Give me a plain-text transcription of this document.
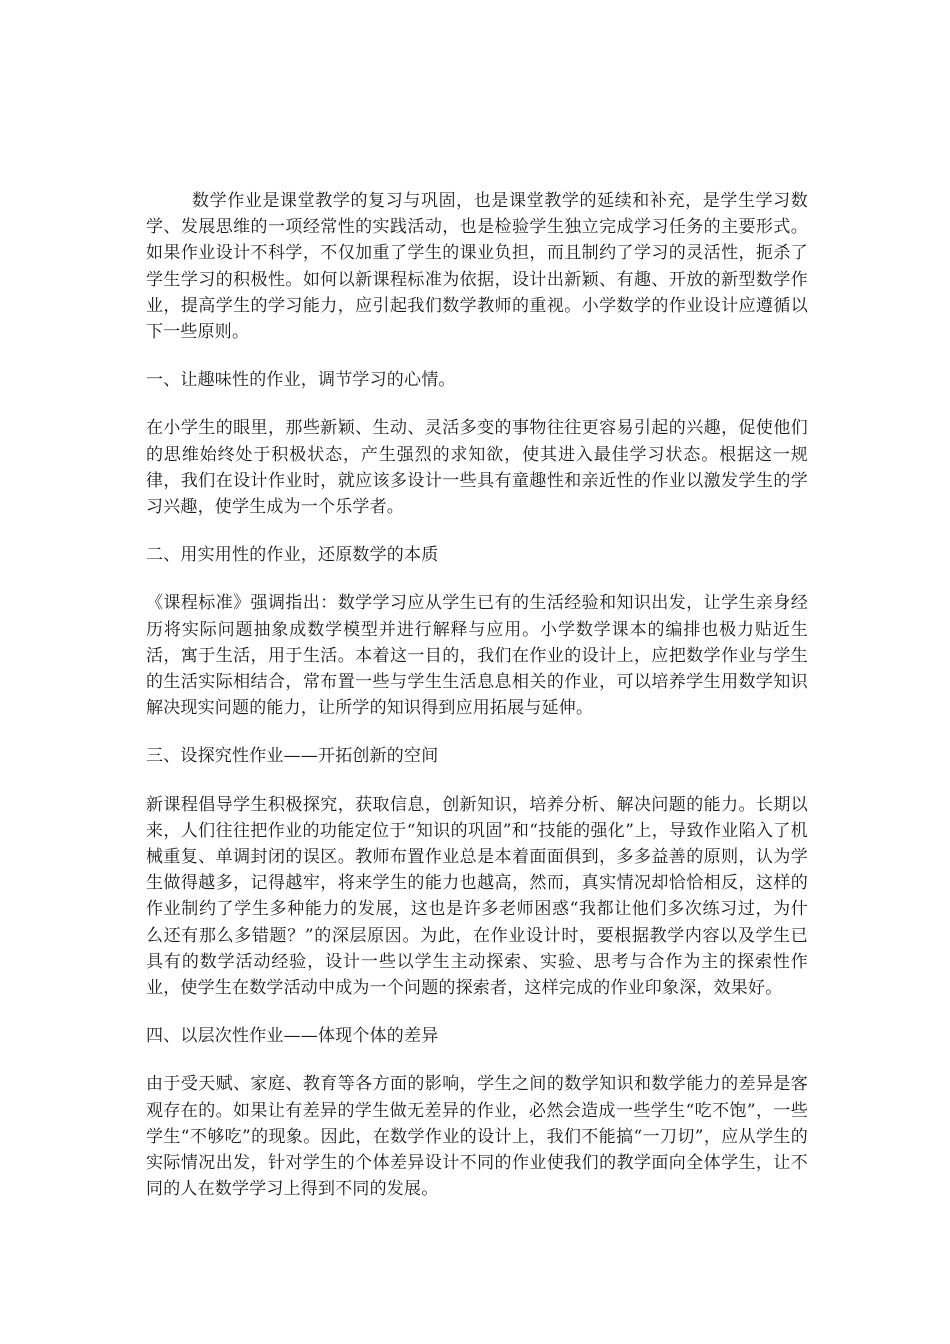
数学作业是课堂教学的复习与巩固，也是课堂教学的延续和补充，是学生学习数学、发展思维的一项经常性的实践活动，也是检验学生独立完成学习任务的主要形式。如果作业设计不科学，不仅加重了学生的课业负担，而且制约了学习的灵活性，扼杀了学生学习的积极性。如何以新课程标准为依据，设计出新颖、有趣、开放的新型数学作业，提高学生的学习能力，应引起我们数学教师的重视。小学数学的作业设计应遵循以下一些原则。

一、让趣味性的作业，调节学习的心情。

在小学生的眼里，那些新颖、生动、灵活多变的事物往往更容易引起的兴趣，促使他们的思维始终处于积极状态，产生强烈的求知欲，使其进入最佳学习状态。根据这一规律，我们在设计作业时，就应该多设计一些具有童趣性和亲近性的作业以激发学生的学习兴趣，使学生成为一个乐学者。

二、用实用性的作业，还原数学的本质

《课程标准》强调指出：数学学习应从学生已有的生活经验和知识出发，让学生亲身经历将实际问题抽象成数学模型并进行解释与应用。小学数学课本的编排也极力贴近生活，寓于生活，用于生活。本着这一目的，我们在作业的设计上，应把数学作业与学生的生活实际相结合，常布置一些与学生生活息息相关的作业，可以培养学生用数学知识解决现实问题的能力，让所学的知识得到应用拓展与延伸。

三、设探究性作业——开拓创新的空间

新课程倡导学生积极探究，获取信息，创新知识，培养分析、解决问题的能力。长期以来，人们往往把作业的功能定位于“知识的巩固”和“技能的强化”上，导致作业陷入了机械重复、单调封闭的误区。教师布置作业总是本着面面俱到，多多益善的原则，认为学生做得越多，记得越牢，将来学生的能力也越高，然而，真实情况却恰恰相反，这样的作业制约了学生多种能力的发展，这也是许多老师困惑“我都让他们多次练习过，为什么还有那么多错题？”的深层原因。为此，在作业设计时，要根据教学内容以及学生已具有的数学活动经验，设计一些以学生主动探索、实验、思考与合作为主的探索性作业，使学生在数学活动中成为一个问题的探索者，这样完成的作业印象深，效果好。

四、以层次性作业——体现个体的差异

由于受天赋、家庭、教育等各方面的影响，学生之间的数学知识和数学能力的差异是客观存在的。如果让有差异的学生做无差异的作业，必然会造成一些学生“吃不饱”，一些学生“不够吃”的现象。因此，在数学作业的设计上，我们不能搞“一刀切”，应从学生的实际情况出发，针对学生的个体差异设计不同的作业使我们的教学面向全体学生，让不同的人在数学学习上得到不同的发展。
